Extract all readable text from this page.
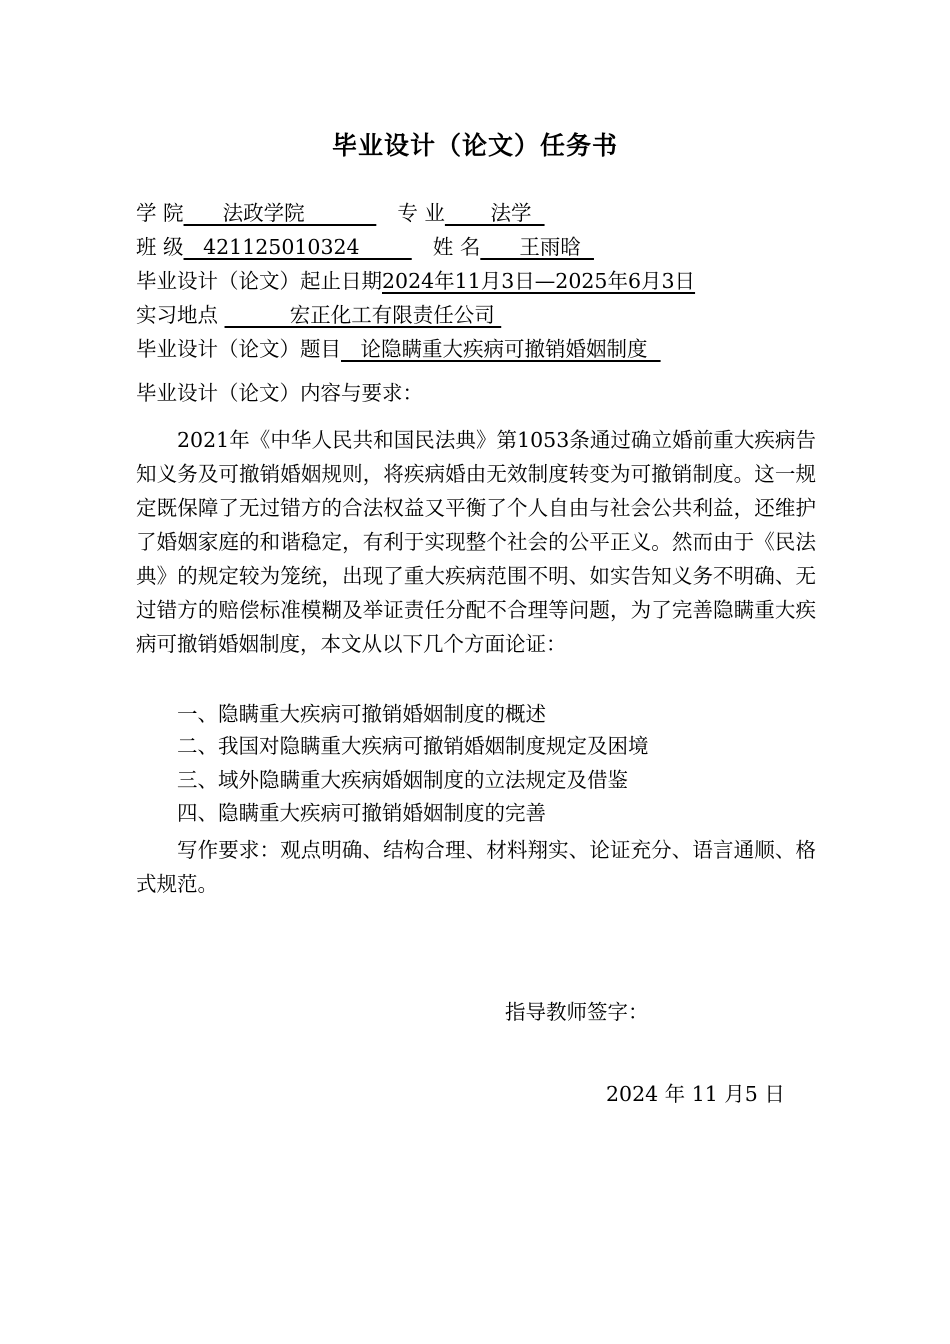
毕业设计（论文）任务书
学 院      法政学院             专 业       法学
班 级   421125010324          姓 名      王雨晗
毕业设计（论文）起止日期2024年11月3日—2025年6月3日
实习地点           宏正化工有限责任公司
毕业设计（论文）题目   论隐瞒重大疾病可撤销婚姻制度
毕业设计（论文）内容与要求：

2021年《中华人民共和国民法典》第1053条通过确立婚前重大疾病告知义务及可撤销婚姻规则，将疾病婚由无效制度转变为可撤销制度。这一规定既保障了无过错方的合法权益又平衡了个人自由与社会公共利益，还维护了婚姻家庭的和谐稳定，有利于实现整个社会的公平正义。然而由于《民法典》的规定较为笼统，出现了重大疾病范围不明、如实告知义务不明确、无过错方的赔偿标准模糊及举证责任分配不合理等问题，为了完善隐瞒重大疾病可撤销婚姻制度，本文从以下几个方面论证：

一、隐瞒重大疾病可撤销婚姻制度的概述
二、我国对隐瞒重大疾病可撤销婚姻制度规定及困境
三、域外隐瞒重大疾病婚姻制度的立法规定及借鉴
四、隐瞒重大疾病可撤销婚姻制度的完善

写作要求：观点明确、结构合理、材料翔实、论证充分、语言通顺、格式规范。

指导教师签字：
2024 年 11 月5 日
